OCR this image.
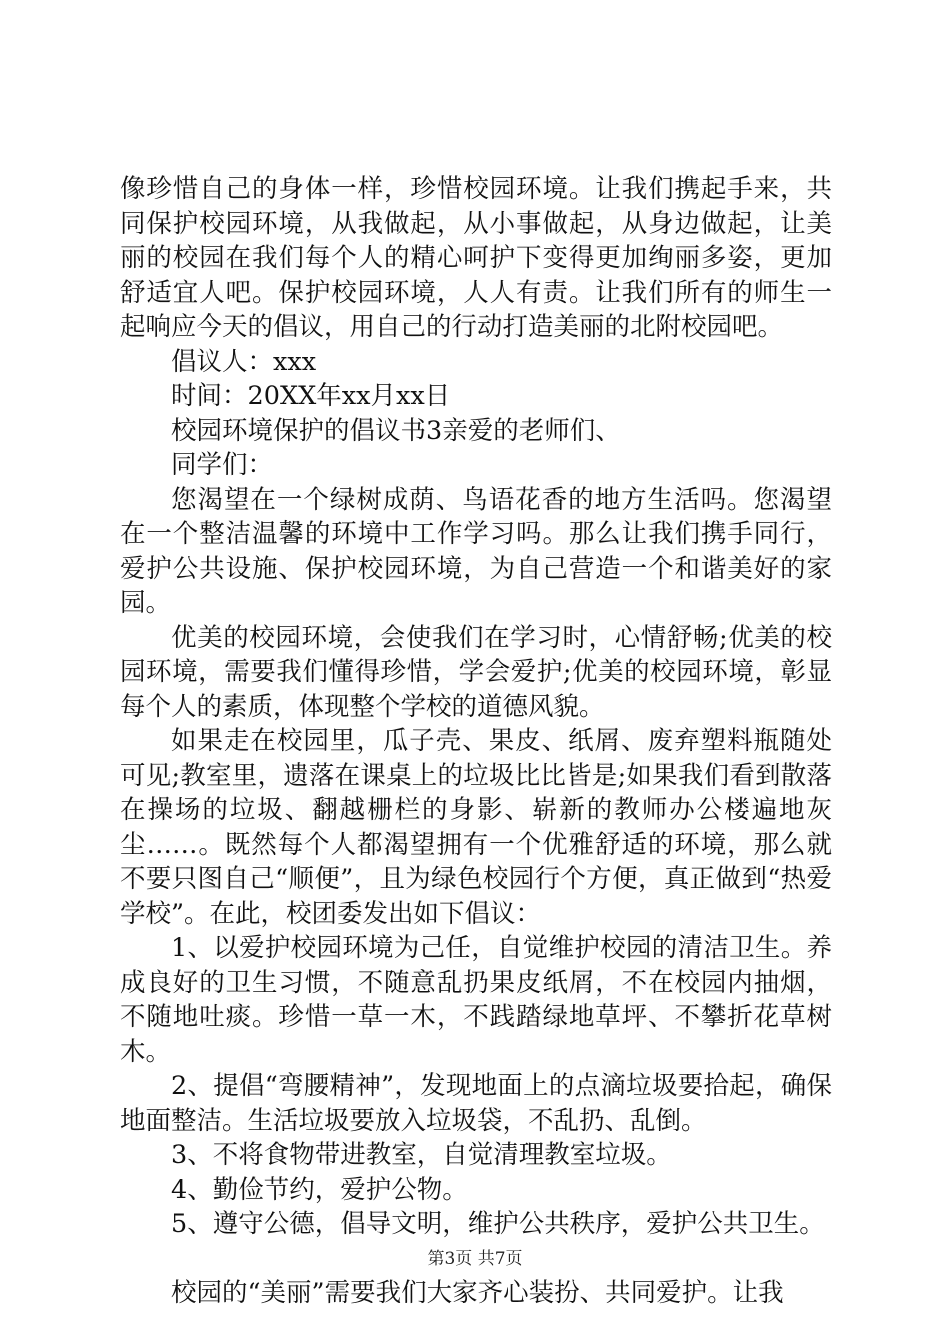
像珍惜自己的身体一样，珍惜校园环境。让我们携起手来，共同保护校园环境，从我做起，从小事做起，从身边做起，让美丽的校园在我们每个人的精心呵护下变得更加绚丽多姿，更加舒适宜人吧。保护校园环境，人人有责。让我们所有的师生一起响应今天的倡议，用自己的行动打造美丽的北附校园吧。

倡议人：xxx

时间：20XX年xx月xx日

校园环境保护的倡议书3亲爱的老师们、

同学们：

您渴望在一个绿树成荫、鸟语花香的地方生活吗。您渴望在一个整洁温馨的环境中工作学习吗。那么让我们携手同行，爱护公共设施、保护校园环境，为自己营造一个和谐美好的家园。

优美的校园环境，会使我们在学习时，心情舒畅;优美的校园环境，需要我们懂得珍惜，学会爱护;优美的校园环境，彰显每个人的素质，体现整个学校的道德风貌。

如果走在校园里，瓜子壳、果皮、纸屑、废弃塑料瓶随处可见;教室里，遗落在课桌上的垃圾比比皆是;如果我们看到散落在操场的垃圾、翻越栅栏的身影、崭新的教师办公楼遍地灰尘……。既然每个人都渴望拥有一个优雅舒适的环境，那么就不要只图自己“顺便”，且为绿色校园行个方便，真正做到“热爱学校”。在此，校团委发出如下倡议：

1、以爱护校园环境为己任，自觉维护校园的清洁卫生。养成良好的卫生习惯，不随意乱扔果皮纸屑，不在校园内抽烟，不随地吐痰。珍惜一草一木，不践踏绿地草坪、不攀折花草树木。

2、提倡“弯腰精神”，发现地面上的点滴垃圾要拾起，确保地面整洁。生活垃圾要放入垃圾袋，不乱扔、乱倒。

3、不将食物带进教室，自觉清理教室垃圾。

4、勤俭节约，爱护公物。

5、遵守公德，倡导文明，维护公共秩序，爱护公共卫生。

校园的“美丽”需要我们大家齐心装扮、共同爱护。让我

第3页 共7页
